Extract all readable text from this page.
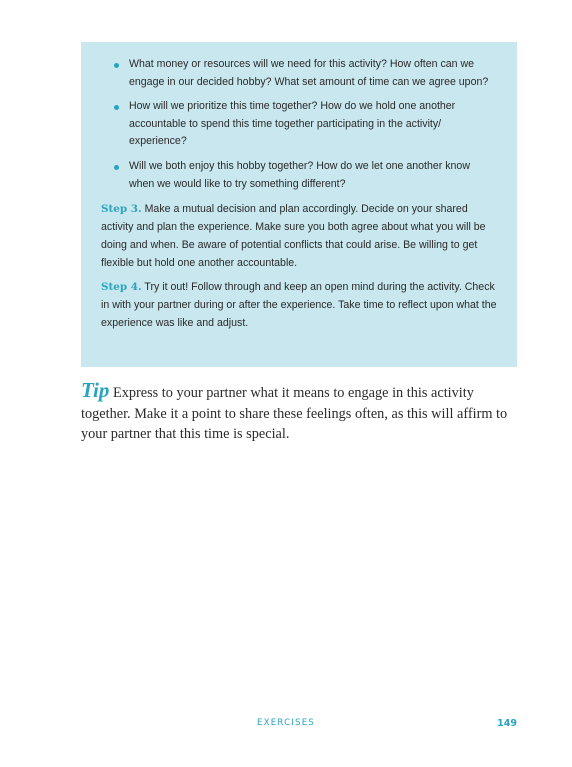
What money or resources will we need for this activity? How often can we engage in our decided hobby? What set amount of time can we agree upon?
How will we prioritize this time together? How do we hold one another accountable to spend this time together participating in the activity/ experience?
Will we both enjoy this hobby together? How do we let one another know when we would like to try something different?

Step 3. Make a mutual decision and plan accordingly. Decide on your shared activity and plan the experience. Make sure you both agree about what you will be doing and when. Be aware of potential conflicts that could arise. Be willing to get flexible but hold one another accountable.

Step 4. Try it out! Follow through and keep an open mind during the activity. Check in with your partner during or after the experience. Take time to reflect upon what the experience was like and adjust.

Tip Express to your partner what it means to engage in this activity together. Make it a point to share these feelings often, as this will affirm to your partner that this time is special.
EXERCISES	149
